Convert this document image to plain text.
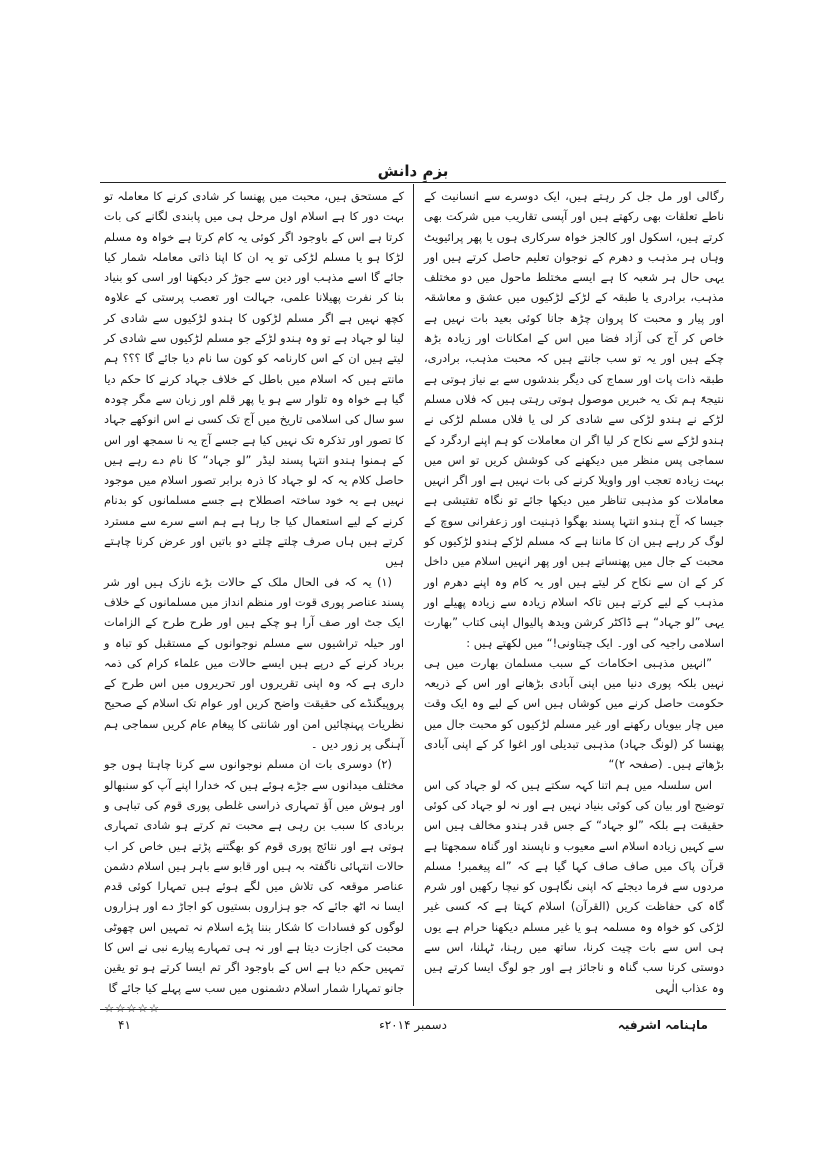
بزمِ دانش

رگالی اور مل جل کر رہتے ہیں، ایک دوسرے سے انسانیت کے ناطے تعلقات بھی رکھتے ہیں اور آپسی تقاریب میں شرکت بھی کرتے ہیں، اسکول اور کالجز خواہ سرکاری ہوں یا پھر پرائیویٹ وہاں ہر مذہب و دھرم کے نوجوان تعلیم حاصل کرتے ہیں اور یہی حال ہر شعبہ کا ہے ایسے مختلط ماحول میں دو مختلف مذہب، برادری یا طبقہ کے لڑکے لڑکیوں میں عشق و معاشقہ اور پیار و محبت کا پروان چڑھ جانا کوئی بعید بات نہیں ہے خاص کر آج کی آزاد فضا میں اس کے امکانات اور زیادہ بڑھ چکے ہیں اور یہ تو سب جانتے ہیں کہ محبت مذہب، برادری، طبقہ ذات پات اور سماج کی دیگر بندشوں سے بے نیاز ہوتی ہے نتیجۃً ہم تک یہ خبریں موصول ہوتی رہتی ہیں کہ فلاں مسلم لڑکے نے ہندو لڑکی سے شادی کر لی یا فلاں مسلم لڑکی نے ہندو لڑکے سے نکاح کر لیا اگر ان معاملات کو ہم اپنے اردگرد کے سماجی پس منظر میں دیکھنے کی کوشش کریں تو اس میں بہت زیادہ تعجب اور واویلا کرنے کی بات نہیں ہے اور اگر انہیں معاملات کو مذہبی تناظر میں دیکھا جائے تو نگاہ تفتیشی ہے جیسا کہ آج ہندو انتہا پسند بھگوا ذہنیت اور زعفرانی سوچ کے لوگ کر رہے ہیں ان کا ماننا ہے کہ مسلم لڑکے ہندو لڑکیوں کو محبت کے جال میں پھنساتے ہیں اور پھر انہیں اسلام میں داخل کر کے ان سے نکاح کر لیتے ہیں اور یہ کام وہ اپنے دھرم اور مذہب کے لیے کرتے ہیں تاکہ اسلام زیادہ سے زیادہ پھیلے اور یہی ”لو جہاد“ ہے ڈاکٹر کرشن ویدھ پالیوال اپنی کتاب ”بھارت اسلامی راجیہ کی اور۔ ایک چیتاونی!“ میں لکھتے ہیں :

”انہیں مذہبی احکامات کے سبب مسلمان بھارت میں ہی نہیں بلکہ پوری دنیا میں اپنی آبادی بڑھانے اور اس کے ذریعہ حکومت حاصل کرنے میں کوشاں ہیں اس کے لیے وہ ایک وقت میں چار بیویاں رکھنے اور غیر مسلم لڑکیوں کو محبت جال میں پھنسا کر (لونگ جہاد) مذہبی تبدیلی اور اغوا کر کے اپنی آبادی بڑھاتے ہیں۔ (صفحہ ۲)“

اس سلسلہ میں ہم اتنا کہہ سکتے ہیں کہ لو جہاد کی اس توضیح اور بیان کی کوئی بنیاد نہیں ہے اور نہ لو جہاد کی کوئی حقیقت ہے بلکہ ”لو جہاد“ کے جس قدر ہندو مخالف ہیں اس سے کہیں زیادہ اسلام اسے معیوب و ناپسند اور گناہ سمجھتا ہے قرآن پاک میں صاف صاف کہا گیا ہے کہ ”اے پیغمبر! مسلم مردوں سے فرما دیجئے کہ اپنی نگاہوں کو نیچا رکھیں اور شرم گاہ کی حفاظت کریں (القرآن) اسلام کہتا ہے کہ کسی غیر لڑکی کو خواہ وہ مسلمہ ہو یا غیر مسلم دیکھنا حرام ہے یوں ہی اس سے بات چیت کرنا، ساتھ میں رہنا، ٹہلنا، اس سے دوستی کرنا سب گناہ و ناجائز ہے اور جو لوگ ایسا کرتے ہیں وہ عذاب الٰہی

کے مستحق ہیں، محبت میں پھنسا کر شادی کرنے کا معاملہ تو بہت دور کا ہے اسلام اول مرحل ہی میں پابندی لگانے کی بات کرتا ہے اس کے باوجود اگر کوئی یہ کام کرتا ہے خواہ وہ مسلم لڑکا ہو یا مسلم لڑکی تو یہ ان کا اپنا ذاتی معاملہ شمار کیا جائے گا اسے مذہب اور دین سے جوڑ کر دیکھنا اور اسی کو بنیاد بنا کر نفرت پھیلانا علمی، جہالت اور تعصب پرستی کے علاوہ کچھ نہیں ہے اگر مسلم لڑکوں کا ہندو لڑکیوں سے شادی کر لینا لو جہاد ہے تو وہ ہندو لڑکے جو مسلم لڑکیوں سے شادی کر لیتے ہیں ان کے اس کارنامہ کو کون سا نام دیا جائے گا ؟؟؟ ہم مانتے ہیں کہ اسلام میں باطل کے خلاف جہاد کرنے کا حکم دیا گیا ہے خواہ وہ تلوار سے ہو یا پھر قلم اور زبان سے مگر چودہ سو سال کی اسلامی تاریخ میں آج تک کسی نے اس انوکھے جہاد کا تصور اور تذکرہ تک نہیں کیا ہے جسے آج یہ نا سمجھ اور اس کے ہمنوا ہندو انتہا پسند لیڈر ”لو جہاد“ کا نام دے رہے ہیں حاصل کلام یہ کہ لو جہاد کا ذرہ برابر تصور اسلام میں موجود نہیں ہے یہ خود ساختہ اصطلاح ہے جسے مسلمانوں کو بدنام کرنے کے لیے استعمال کیا جا رہا ہے ہم اسے سرے سے مسترد کرتے ہیں ہاں صرف چلتے چلتے دو باتیں اور عرض کرنا چاہتے ہیں

(۱) یہ کہ فی الحال ملک کے حالات بڑے نازک ہیں اور شر پسند عناصر پوری قوت اور منظم انداز میں مسلمانوں کے خلاف ایک جٹ اور صف آرا ہو چکے ہیں اور طرح طرح کے الزامات اور حیلہ تراشیوں سے مسلم نوجوانوں کے مستقبل کو تباہ و برباد کرنے کے درپے ہیں ایسے حالات میں علماء کرام کی ذمہ داری ہے کہ وہ اپنی تقریروں اور تحریروں میں اس طرح کے پروپیگنڈے کی حقیقت واضح کریں اور عوام تک اسلام کے صحیح نظریات پہنچائیں امن اور شانتی کا پیغام عام کریں سماجی ہم آہنگی پر زور دیں ۔

(۲) دوسری بات ان مسلم نوجوانوں سے کرنا چاہتا ہوں جو مختلف میدانوں سے جڑے ہوئے ہیں کہ خدارا اپنے آپ کو سنبھالو اور ہوش میں آؤ تمہاری ذراسی غلطی پوری قوم کی تباہی و بربادی کا سبب بن رہی ہے محبت تم کرتے ہو شادی تمہاری ہوتی ہے اور نتائج پوری قوم کو بھگتنے پڑتے ہیں خاص کر اب حالات انتہائی ناگفتہ بہ ہیں اور قابو سے باہر ہیں اسلام دشمن عناصر موقعہ کی تلاش میں لگے ہوئے ہیں تمہارا کوئی قدم ایسا نہ اٹھ جائے کہ جو ہزاروں بستیوں کو اجاڑ دے اور ہزاروں لوگوں کو فسادات کا شکار بننا پڑے اسلام نہ تمہیں اس چھوٹی محبت کی اجازت دیتا ہے اور نہ ہی تمہارے پیارے نبی نے اس کا تمہیں حکم دیا ہے اس کے باوجود اگر تم ایسا کرتے ہو تو یقین جانو تمہارا شمار اسلام دشمنوں میں سب سے پہلے کیا جائے گا

☆☆☆☆☆

ماہنامہ اشرفیہ
دسمبر ۲۰۱۴ء
۴۱
